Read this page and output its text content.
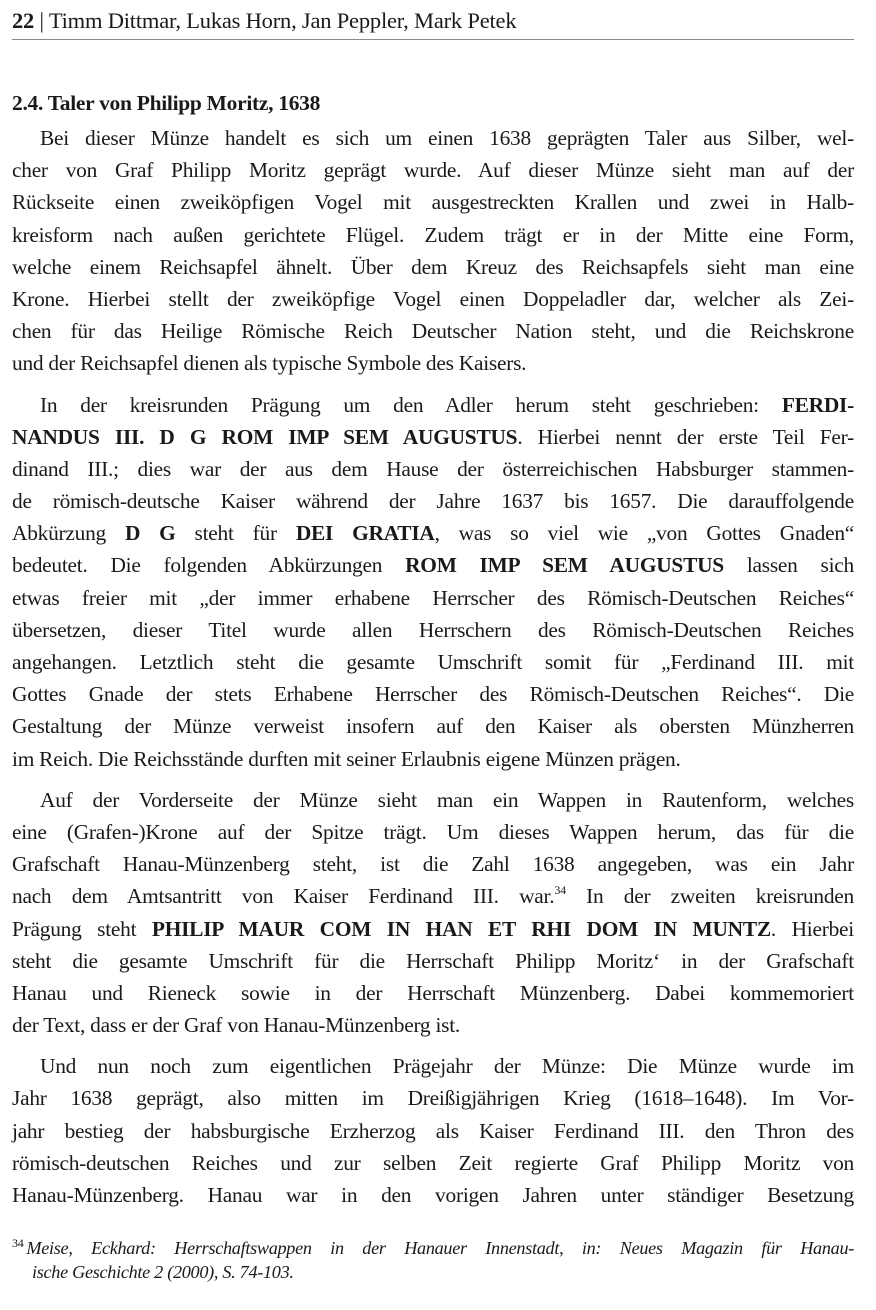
22 | Timm Dittmar, Lukas Horn, Jan Peppler, Mark Petek
2.4. Taler von Philipp Moritz, 1638
Bei dieser Münze handelt es sich um einen 1638 geprägten Taler aus Silber, wel-
cher von Graf Philipp Moritz geprägt wurde. Auf dieser Münze sieht man auf der
Rückseite einen zweiköpfigen Vogel mit ausgestreckten Krallen und zwei in Halb-
kreisform nach außen gerichtete Flügel. Zudem trägt er in der Mitte eine Form,
welche einem Reichsapfel ähnelt. Über dem Kreuz des Reichsapfels sieht man eine
Krone. Hierbei stellt der zweiköpfige Vogel einen Doppeladler dar, welcher als Zei-
chen für das Heilige Römische Reich Deutscher Nation steht, und die Reichskrone
und der Reichsapfel dienen als typische Symbole des Kaisers.
In der kreisrunden Prägung um den Adler herum steht geschrieben: FERDI-
NANDUS III. D G ROM IMP SEM AUGUSTUS. Hierbei nennt der erste Teil Fer-
dinand III.; dies war der aus dem Hause der österreichischen Habsburger stammen-
de römisch-deutsche Kaiser während der Jahre 1637 bis 1657. Die darauffolgende
Abkürzung D G steht für DEI GRATIA, was so viel wie „von Gottes Gnaden“
bedeutet. Die folgenden Abkürzungen ROM IMP SEM AUGUSTUS lassen sich
etwas freier mit „der immer erhabene Herrscher des Römisch-Deutschen Reiches“
übersetzen, dieser Titel wurde allen Herrschern des Römisch-Deutschen Reiches
angehangen. Letztlich steht die gesamte Umschrift somit für „Ferdinand III. mit
Gottes Gnade der stets Erhabene Herrscher des Römisch-Deutschen Reiches“. Die
Gestaltung der Münze verweist insofern auf den Kaiser als obersten Münzherren
im Reich. Die Reichsstände durften mit seiner Erlaubnis eigene Münzen prägen.
Auf der Vorderseite der Münze sieht man ein Wappen in Rautenform, welches
eine (Grafen-)Krone auf der Spitze trägt. Um dieses Wappen herum, das für die
Grafschaft Hanau-Münzenberg steht, ist die Zahl 1638 angegeben, was ein Jahr
nach dem Amtsantritt von Kaiser Ferdinand III. war.$^{34}$ In der zweiten kreisrunden
Prägung steht PHILIP MAUR COM IN HAN ET RHI DOM IN MUNTZ. Hierbei
steht die gesamte Umschrift für die Herrschaft Philipp Moritz‘ in der Grafschaft
Hanau und Rieneck sowie in der Herrschaft Münzenberg. Dabei kommemoriert
der Text, dass er der Graf von Hanau-Münzenberg ist.
Und nun noch zum eigentlichen Prägejahr der Münze: Die Münze wurde im
Jahr 1638 geprägt, also mitten im Dreißigjährigen Krieg (1618–1648). Im Vor-
jahr bestieg der habsburgische Erzherzog als Kaiser Ferdinand III. den Thron des
römisch-deutschen Reiches und zur selben Zeit regierte Graf Philipp Moritz von
Hanau-Münzenberg. Hanau war in den vorigen Jahren unter ständiger Besetzung
$^{34}$ Meise, Eckhard: Herrschaftswappen in der Hanauer Innenstadt, in: Neues Magazin für Hanau-
ische Geschichte 2 (2000), S. 74-103.
